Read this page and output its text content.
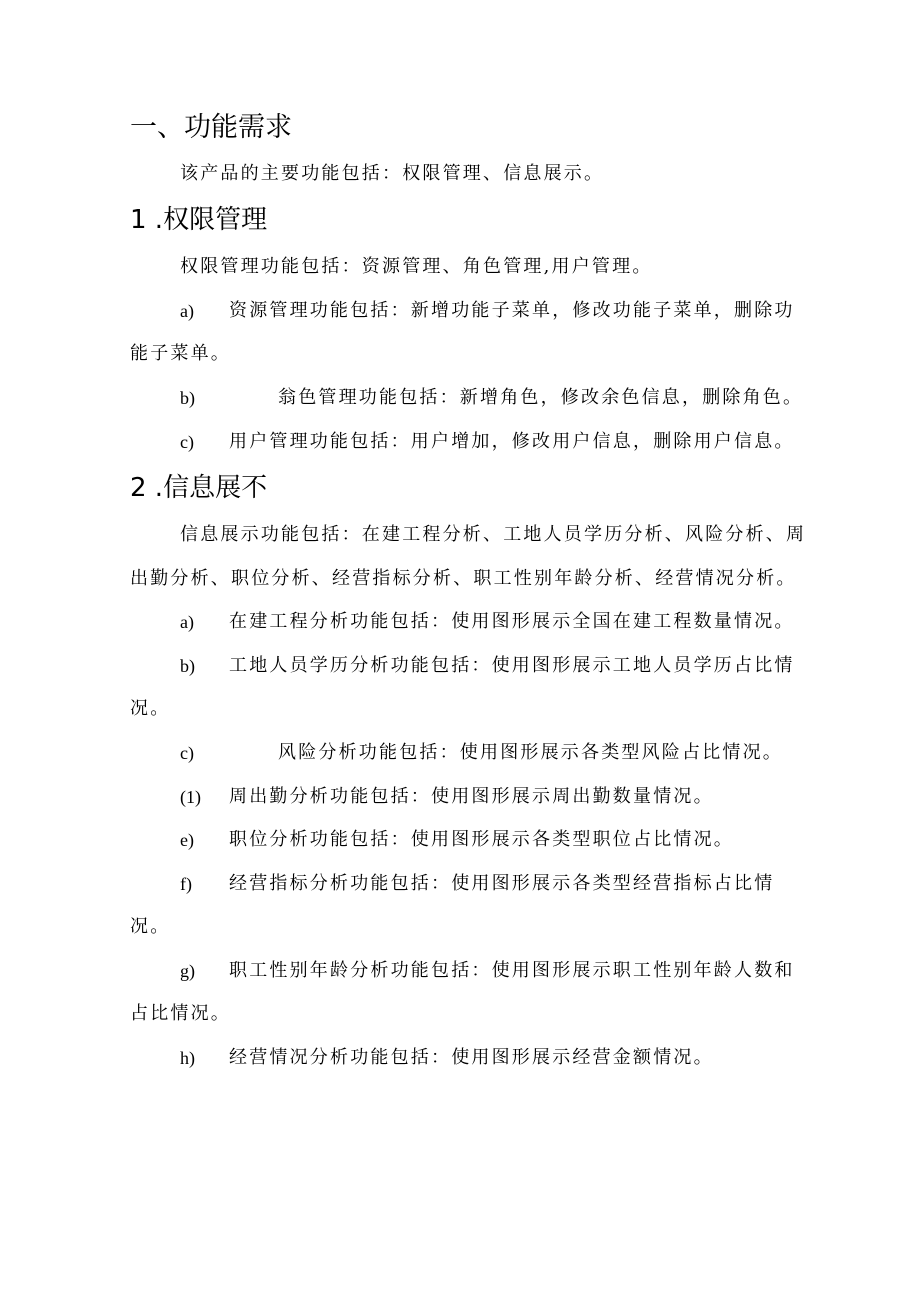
一、功能需求
该产品的主要功能包括：权限管理、信息展示。
1 .权限管理
权限管理功能包括：资源管理、角色管理,用户管理。
a) 资源管理功能包括：新增功能子菜单，修改功能子菜单，删除功
能子菜单。
b)	翁色管理功能包括：新增角色，修改余色信息，删除角色。
c) 用户管理功能包括：用户增加，修改用户信息，删除用户信息。
2 .信息展不
信息展示功能包括：在建工程分析、工地人员学历分析、风险分析、周
出勤分析、职位分析、经营指标分析、职工性别年龄分析、经营情况分析。
a) 在建工程分析功能包括：使用图形展示全国在建工程数量情况。
b) 工地人员学历分析功能包括：使用图形展示工地人员学历占比情
况。
c)	风险分析功能包括：使用图形展示各类型风险占比情况。
(1) 周出勤分析功能包括：使用图形展示周出勤数量情况。
e) 职位分析功能包括：使用图形展示各类型职位占比情况。
f) 经营指标分析功能包括：使用图形展示各类型经营指标占比情
况。
g) 职工性别年龄分析功能包括：使用图形展示职工性别年龄人数和
占比情况。
h) 经营情况分析功能包括：使用图形展示经营金额情况。
